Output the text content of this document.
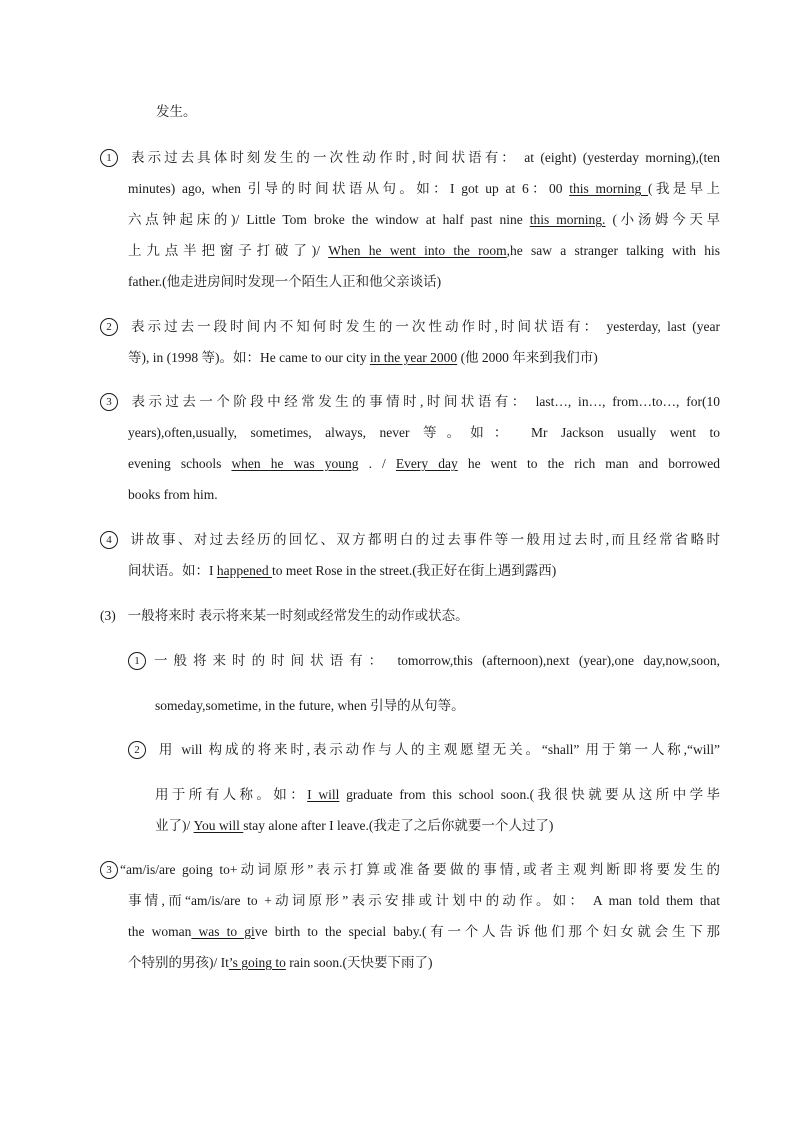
发生。
1 表示过去具体时刻发生的一次性动作时,时间状语有： at (eight) (yesterday morning),(ten
minutes) ago, when 引导的时间状语从句。如：I got up at 6：00 this morning (我是早上
六点钟起床的)/ Little Tom broke the window at half past nine this morning. (小汤姆今天早
上九点半把窗子打破了)/ When he went into the room,he saw a stranger talking with his
father.(他走进房间时发现一个陌生人正和他父亲谈话)
2 表示过去一段时间内不知何时发生的一次性动作时,时间状语有： yesterday, last (year
等), in (1998 等)。如：He came to our city in the year 2000 (他 2000 年来到我们市)
3 表示过去一个阶段中经常发生的事情时,时间状语有： last…, in…, from…to…, for(10
years),often,usually, sometimes, always, never 等。如： Mr Jackson usually went to
evening schools when he was young . / Every day he went to the rich man and borrowed
books from him.
4 讲故事、对过去经历的回忆、双方都明白的过去事件等一般用过去时,而且经常省略时
间状语。如：I happened to meet Rose in the street.(我正好在街上遇到露西)
(3) 一般将来时 表示将来某一时刻或经常发生的动作或状态。
1 一般将来时的时间状语有： tomorrow,this (afternoon),next (year),one day,now,soon,
someday,sometime, in the future, when 引导的从句等。
2 用 will 构成的将来时,表示动作与人的主观愿望无关。“shall” 用于第一人称,“will”
用于所有人称。如：I will graduate from this school soon.(我很快就要从这所中学毕
业了)/ You will stay alone after I leave.(我走了之后你就要一个人过了)
3 “am/is/are going to+动词原形”表示打算或准备要做的事情,或者主观判断即将要发生的
事情,而“am/is/are to +动词原形”表示安排或计划中的动作。如： A man told them that
the woman was to give birth to the special baby.(有一个人告诉他们那个妇女就会生下那
个特别的男孩)/ It’s going to rain soon.(天快要下雨了)
